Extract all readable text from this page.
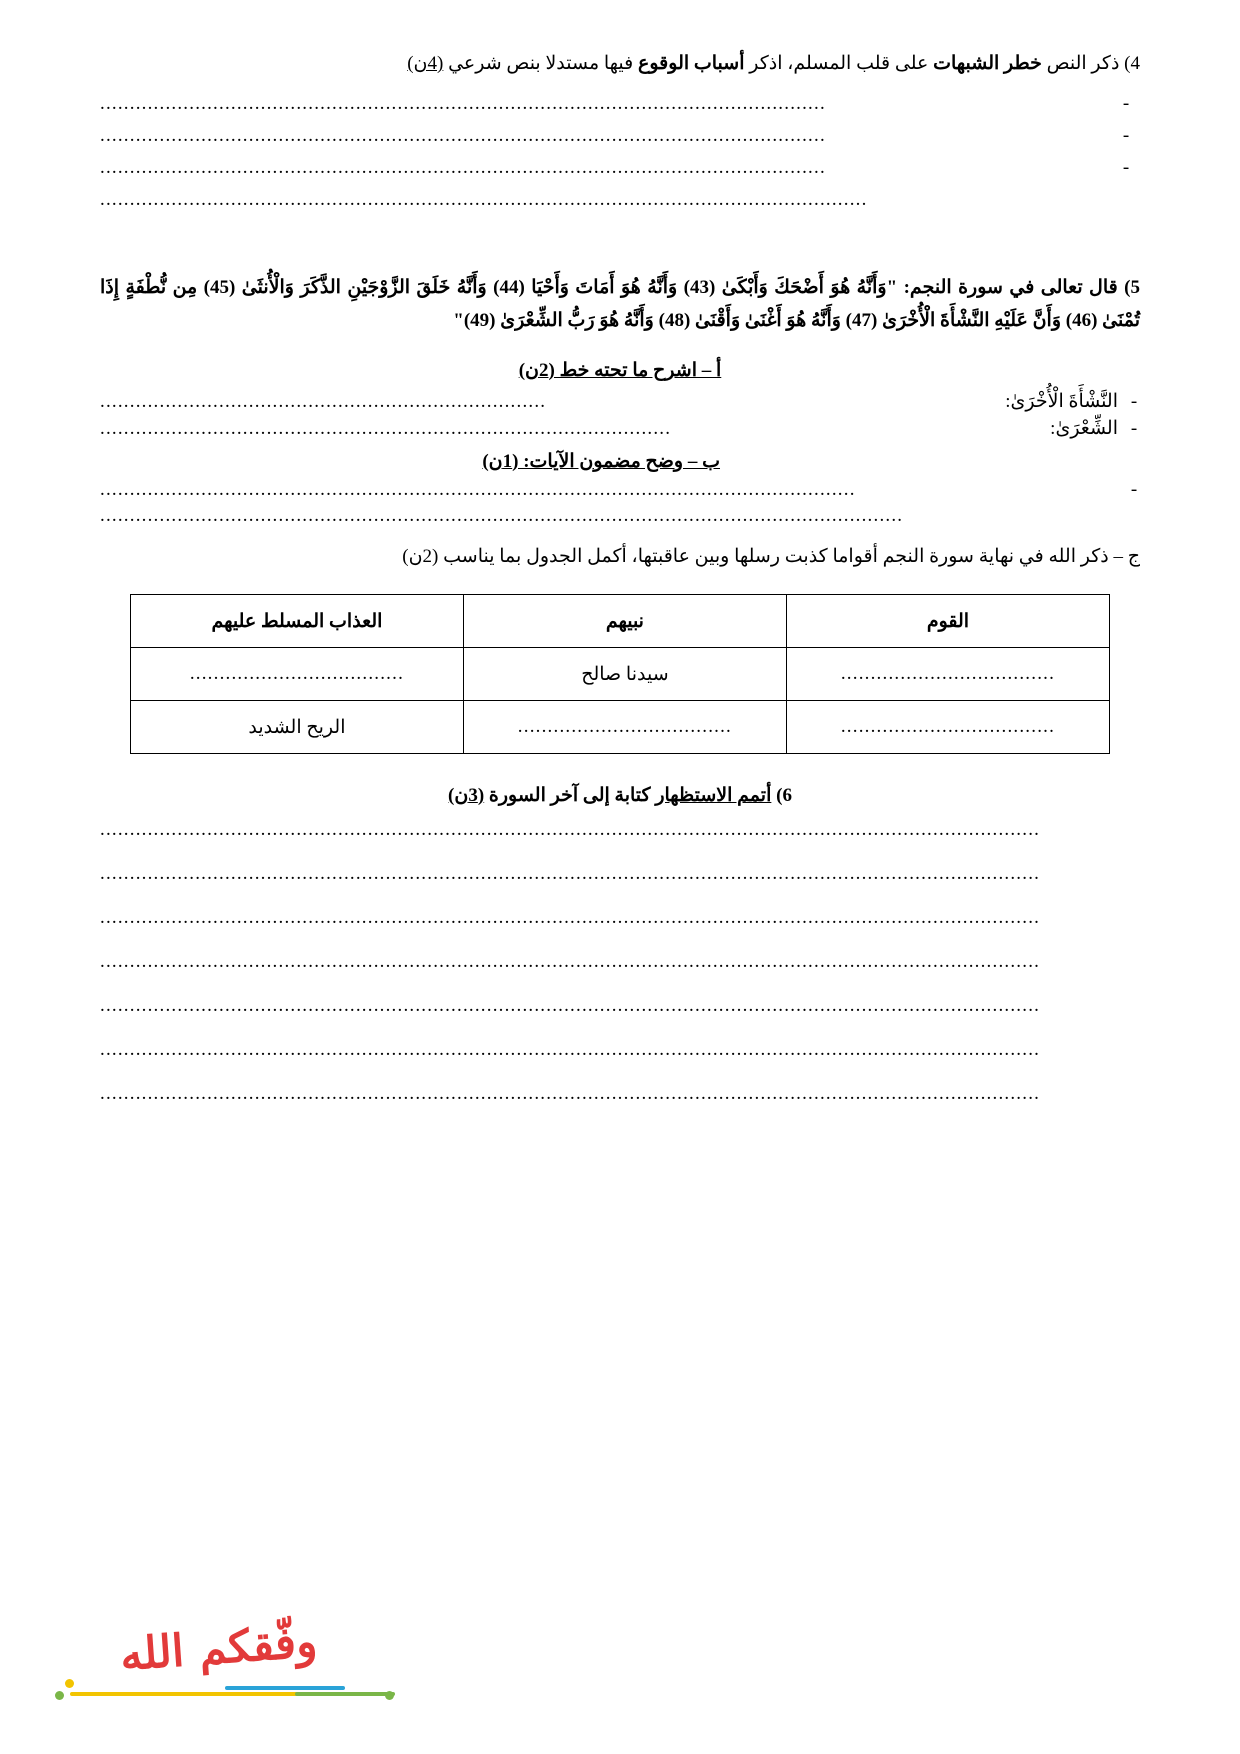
4) ذكر النص خطر الشبهات على قلب المسلم، اذكر أسباب الوقوع فيها مستدلا بنص شرعي (4ن)
-
..........................................................................................................................
-
..........................................................................................................................
-
..........................................................................................................................
.................................................................................................................................
5) قال تعالى في سورة النجم: "وَأَنَّهُ هُوَ أَضْحَكَ وَأَبْكَىٰ (43) وَأَنَّهُ هُوَ أَمَاتَ وَأَحْيَا (44) وَأَنَّهُ خَلَقَ الزَّوْجَيْنِ الذَّكَرَ وَالْأُنثَىٰ (45) مِن نُّطْفَةٍ إِذَا تُمْنَىٰ (46) وَأَنَّ عَلَيْهِ النَّشْأَةَ الْأُخْرَىٰ (47) وَأَنَّهُ هُوَ أَغْنَىٰ وَأَقْنَىٰ (48) وَأَنَّهُ هُوَ رَبُّ الشِّعْرَىٰ (49)"
أ – اشرح ما تحته خط (2ن)
-
النَّشْأَةَ الْأُخْرَىٰ:
...........................................................................
-
الشِّعْرَىٰ:
................................................................................................
ب – وضح مضمون الآيات: (1ن)
-
...............................................................................................................................
.......................................................................................................................................
ج – ذكر الله في نهاية سورة النجم أقواما كذبت رسلها وبين عاقبتها، أكمل الجدول بما يناسب (2ن)
القوم	نبيهم	العذاب المسلط عليهم
....................................	سيدنا صالح	....................................
....................................	....................................	الريح الشديد
6) أتمم الاستظهار كتابة إلى آخر السورة (3ن)
..............................................................................................................................................................
..............................................................................................................................................................
..............................................................................................................................................................
..............................................................................................................................................................
..............................................................................................................................................................
..............................................................................................................................................................
..............................................................................................................................................................
وفّقكم الله
